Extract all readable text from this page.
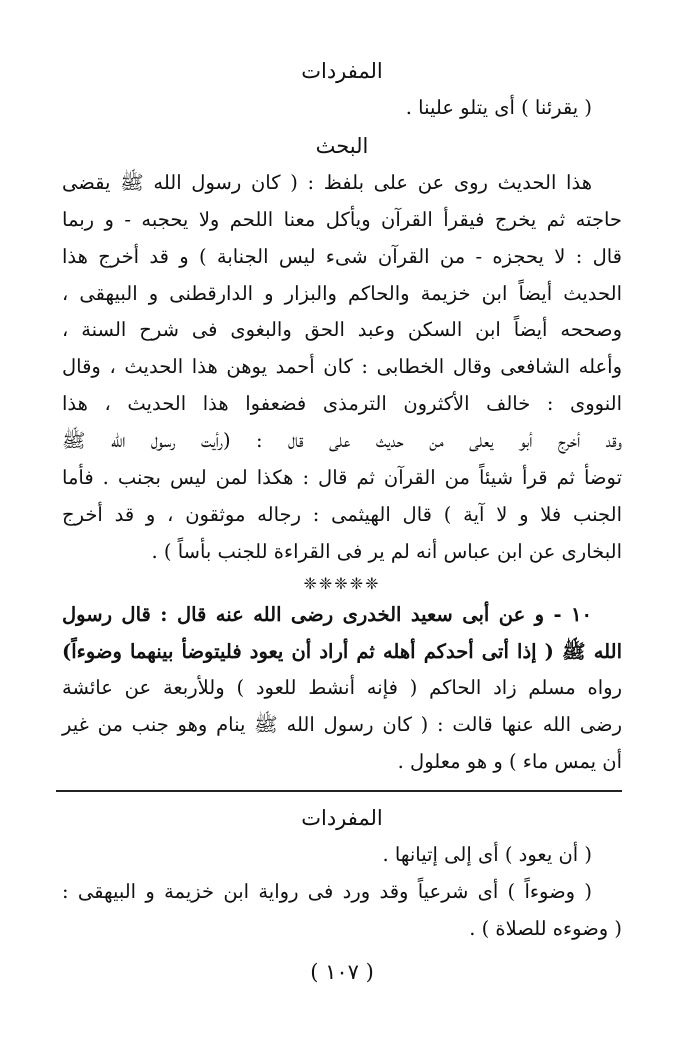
المفردات
( يقرئنا ) أى يتلو علينا .
البحث
هذا الحديث روى عن على بلفظ : ( كان رسول الله ﷺ يقضى
حاجته ثم يخرج فيقرأ القرآن ويأكل معنا اللحم ولا يحجبه - و ربما
قال : لا يحجزه - من القرآن شىء ليس الجنابة ) و قد أخرج هذا
الحديث أيضاً ابن خزيمة والحاكم والبزار و الدارقطنى و البيهقى ،
وصححه أيضاً ابن السكن وعبد الحق والبغوى فى شرح السنة ،
وأعله الشافعى وقال الخطابى : كان أحمد يوهن هذا الحديث ، وقال
النووى : خالف الأكثرون الترمذى فضعفوا هذا الحديث ، هذا
وقد أخرج أبو يعلى من حديث على قال : (رأيت رسول الله ﷺ
توضأ ثم قرأ شيئاً من القرآن ثم قال : هكذا لمن ليس بجنب . فأما
الجنب فلا و لا آية ) قال الهيثمى : رجاله موثقون ، و قد أخرج
البخارى عن ابن عباس أنه لم ير فى القراءة للجنب بأساً ) .
❈❈❈❈❈
١٠ - و عن أبى سعيد الخدرى رضى الله عنه قال : قال رسول
الله ﷺ ( إذا أتى أحدكم أهله ثم أراد أن يعود فليتوضأ بينهما وضوءاً)
رواه مسلم زاد الحاكم ( فإنه أنشط للعود ) وللأربعة عن عائشة
رضى الله عنها قالت : ( كان رسول الله ﷺ ينام وهو جنب من غير
أن يمس ماء ) و هو معلول .
المفردات
( أن يعود ) أى إلى إتيانها .
( وضوءاً ) أى شرعياً وقد ورد فى رواية ابن خزيمة و البيهقى :
( وضوءه للصلاة ) .
( ١٠٧ )
